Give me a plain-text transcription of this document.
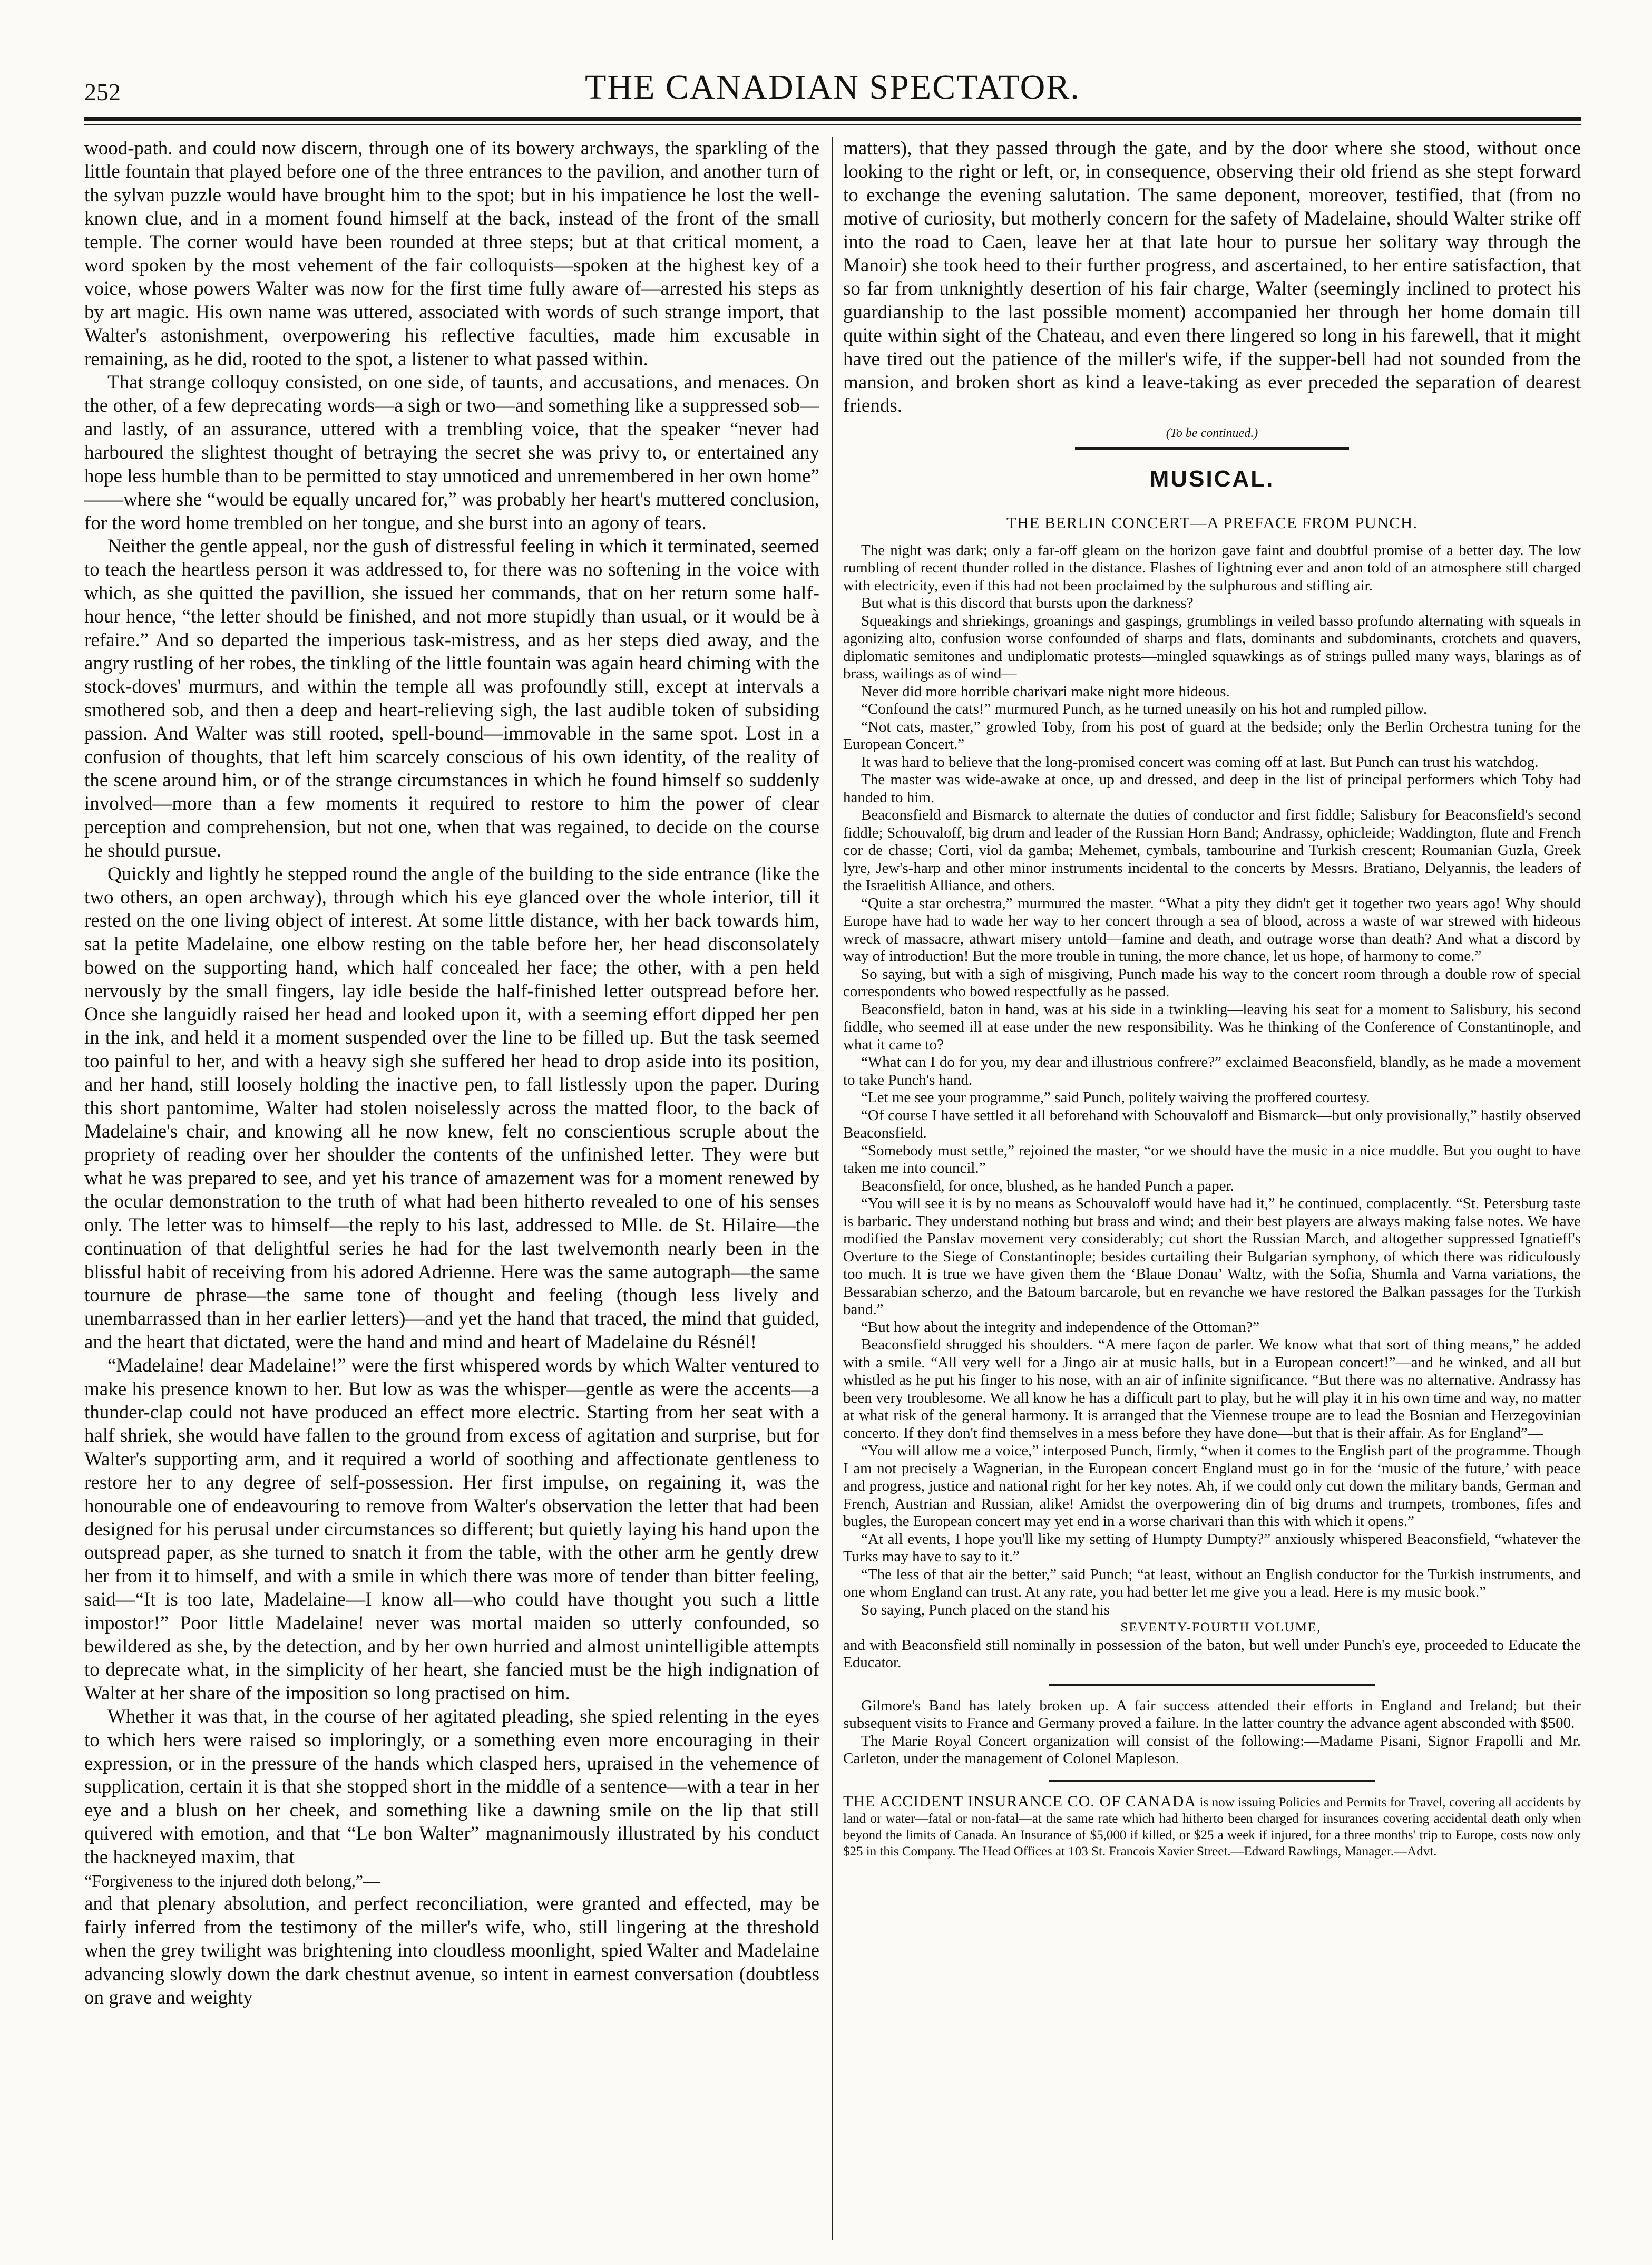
252	THE CANADIAN SPECTATOR.

wood-path. and could now discern, through one of its bowery archways, the sparkling of the little fountain that played before one of the three entrances to the pavilion, and another turn of the sylvan puzzle would have brought him to the spot; but in his impatience he lost the well-known clue, and in a moment found himself at the back, instead of the front of the small temple. The corner would have been rounded at three steps; but at that critical moment, a word spoken by the most vehement of the fair colloquists—spoken at the highest key of a voice, whose powers Walter was now for the first time fully aware of—arrested his steps as by art magic. His own name was uttered, associated with words of such strange import, that Walter's astonishment, overpowering his reflective faculties, made him excusable in remaining, as he did, rooted to the spot, a listener to what passed within.

That strange colloquy consisted, on one side, of taunts, and accusations, and menaces. On the other, of a few deprecating words—a sigh or two—and something like a suppressed sob—and lastly, of an assurance, uttered with a trembling voice, that the speaker “never had harboured the slightest thought of betraying the secret she was privy to, or entertained any hope less humble than to be permitted to stay unnoticed and unremembered in her own home” ——where she “would be equally uncared for,” was probably her heart's muttered conclusion, for the word home trembled on her tongue, and she burst into an agony of tears.

Neither the gentle appeal, nor the gush of distressful feeling in which it terminated, seemed to teach the heartless person it was addressed to, for there was no softening in the voice with which, as she quitted the pavillion, she issued her commands, that on her return some half-hour hence, “the letter should be finished, and not more stupidly than usual, or it would be à refaire.” And so departed the imperious task-mistress, and as her steps died away, and the angry rustling of her robes, the tinkling of the little fountain was again heard chiming with the stock-doves' murmurs, and within the temple all was profoundly still, except at intervals a smothered sob, and then a deep and heart-relieving sigh, the last audible token of subsiding passion. And Walter was still rooted, spell-bound—immovable in the same spot. Lost in a confusion of thoughts, that left him scarcely conscious of his own identity, of the reality of the scene around him, or of the strange circumstances in which he found himself so suddenly involved—more than a few moments it required to restore to him the power of clear perception and comprehension, but not one, when that was regained, to decide on the course he should pursue.

Quickly and lightly he stepped round the angle of the building to the side entrance (like the two others, an open archway), through which his eye glanced over the whole interior, till it rested on the one living object of interest. At some little distance, with her back towards him, sat la petite Madelaine, one elbow resting on the table before her, her head disconsolately bowed on the supporting hand, which half concealed her face; the other, with a pen held nervously by the small fingers, lay idle beside the half-finished letter outspread before her. Once she languidly raised her head and looked upon it, with a seeming effort dipped her pen in the ink, and held it a moment suspended over the line to be filled up. But the task seemed too painful to her, and with a heavy sigh she suffered her head to drop aside into its position, and her hand, still loosely holding the inactive pen, to fall listlessly upon the paper. During this short pantomime, Walter had stolen noiselessly across the matted floor, to the back of Madelaine's chair, and knowing all he now knew, felt no conscientious scruple about the propriety of reading over her shoulder the contents of the unfinished letter. They were but what he was prepared to see, and yet his trance of amazement was for a moment renewed by the ocular demonstration to the truth of what had been hitherto revealed to one of his senses only. The letter was to himself—the reply to his last, addressed to Mlle. de St. Hilaire—the continuation of that delightful series he had for the last twelvemonth nearly been in the blissful habit of receiving from his adored Adrienne. Here was the same autograph—the same tournure de phrase—the same tone of thought and feeling (though less lively and unembarrassed than in her earlier letters)—and yet the hand that traced, the mind that guided, and the heart that dictated, were the hand and mind and heart of Madelaine du Résnél!

“Madelaine! dear Madelaine!” were the first whispered words by which Walter ventured to make his presence known to her. But low as was the whisper—gentle as were the accents—a thunder-clap could not have produced an effect more electric. Starting from her seat with a half shriek, she would have fallen to the ground from excess of agitation and surprise, but for Walter's supporting arm, and it required a world of soothing and affectionate gentleness to restore her to any degree of self-possession. Her first impulse, on regaining it, was the honourable one of endeavouring to remove from Walter's observation the letter that had been designed for his perusal under circumstances so different; but quietly laying his hand upon the outspread paper, as she turned to snatch it from the table, with the other arm he gently drew her from it to himself, and with a smile in which there was more of tender than bitter feeling, said—“It is too late, Madelaine—I know all—who could have thought you such a little impostor!” Poor little Madelaine! never was mortal maiden so utterly confounded, so bewildered as she, by the detection, and by her own hurried and almost unintelligible attempts to deprecate what, in the simplicity of her heart, she fancied must be the high indignation of Walter at her share of the imposition so long practised on him.

Whether it was that, in the course of her agitated pleading, she spied relenting in the eyes to which hers were raised so imploringly, or a something even more encouraging in their expression, or in the pressure of the hands which clasped hers, upraised in the vehemence of supplication, certain it is that she stopped short in the middle of a sentence—with a tear in her eye and a blush on her cheek, and something like a dawning smile on the lip that still quivered with emotion, and that “Le bon Walter” magnanimously illustrated by his conduct the hackneyed maxim, that

“Forgiveness to the injured doth belong,”—

and that plenary absolution, and perfect reconciliation, were granted and effected, may be fairly inferred from the testimony of the miller's wife, who, still lingering at the threshold when the grey twilight was brightening into cloudless moonlight, spied Walter and Madelaine advancing slowly down the dark chestnut avenue, so intent in earnest conversation (doubtless on grave and weighty

matters), that they passed through the gate, and by the door where she stood, without once looking to the right or left, or, in consequence, observing their old friend as she stept forward to exchange the evening salutation. The same deponent, moreover, testified, that (from no motive of curiosity, but motherly concern for the safety of Madelaine, should Walter strike off into the road to Caen, leave her at that late hour to pursue her solitary way through the Manoir) she took heed to their further progress, and ascertained, to her entire satisfaction, that so far from unknightly desertion of his fair charge, Walter (seemingly inclined to protect his guardianship to the last possible moment) accompanied her through her home domain till quite within sight of the Chateau, and even there lingered so long in his farewell, that it might have tired out the patience of the miller's wife, if the supper-bell had not sounded from the mansion, and broken short as kind a leave-taking as ever preceded the separation of dearest friends.

(To be continued.)
MUSICAL.
THE BERLIN CONCERT—A PREFACE FROM PUNCH.

The night was dark; only a far-off gleam on the horizon gave faint and doubtful promise of a better day. The low rumbling of recent thunder rolled in the distance. Flashes of lightning ever and anon told of an atmosphere still charged with electricity, even if this had not been proclaimed by the sulphurous and stifling air.

But what is this discord that bursts upon the darkness?

Squeakings and shriekings, groanings and gaspings, grumblings in veiled basso profundo alternating with squeals in agonizing alto, confusion worse confounded of sharps and flats, dominants and subdominants, crotchets and quavers, diplomatic semitones and undiplomatic protests—mingled squawkings as of strings pulled many ways, blarings as of brass, wailings as of wind—

Never did more horrible charivari make night more hideous.

“Confound the cats!” murmured Punch, as he turned uneasily on his hot and rumpled pillow.

“Not cats, master,” growled Toby, from his post of guard at the bedside; only the Berlin Orchestra tuning for the European Concert.”

It was hard to believe that the long-promised concert was coming off at last. But Punch can trust his watchdog.

The master was wide-awake at once, up and dressed, and deep in the list of principal performers which Toby had handed to him.

Beaconsfield and Bismarck to alternate the duties of conductor and first fiddle; Salisbury for Beaconsfield's second fiddle; Schouvaloff, big drum and leader of the Russian Horn Band; Andrassy, ophicleide; Waddington, flute and French cor de chasse; Corti, viol da gamba; Mehemet, cymbals, tambourine and Turkish crescent; Roumanian Guzla, Greek lyre, Jew's-harp and other minor instruments incidental to the concerts by Messrs. Bratiano, Delyannis, the leaders of the Israelitish Alliance, and others.

“Quite a star orchestra,” murmured the master. “What a pity they didn't get it together two years ago! Why should Europe have had to wade her way to her concert through a sea of blood, across a waste of war strewed with hideous wreck of massacre, athwart misery untold—famine and death, and outrage worse than death? And what a discord by way of introduction! But the more trouble in tuning, the more chance, let us hope, of harmony to come.”

So saying, but with a sigh of misgiving, Punch made his way to the concert room through a double row of special correspondents who bowed respectfully as he passed.

Beaconsfield, baton in hand, was at his side in a twinkling—leaving his seat for a moment to Salisbury, his second fiddle, who seemed ill at ease under the new responsibility. Was he thinking of the Conference of Constantinople, and what it came to?

“What can I do for you, my dear and illustrious confrere?” exclaimed Beaconsfield, blandly, as he made a movement to take Punch's hand.

“Let me see your programme,” said Punch, politely waiving the proffered courtesy.

“Of course I have settled it all beforehand with Schouvaloff and Bismarck—but only provisionally,” hastily observed Beaconsfield.

“Somebody must settle,” rejoined the master, “or we should have the music in a nice muddle. But you ought to have taken me into council.”

Beaconsfield, for once, blushed, as he handed Punch a paper.

“You will see it is by no means as Schouvaloff would have had it,” he continued, complacently. “St. Petersburg taste is barbaric. They understand nothing but brass and wind; and their best players are always making false notes. We have modified the Panslav movement very considerably; cut short the Russian March, and altogether suppressed Ignatieff's Overture to the Siege of Constantinople; besides curtailing their Bulgarian symphony, of which there was ridiculously too much. It is true we have given them the ‘Blaue Donau’ Waltz, with the Sofia, Shumla and Varna variations, the Bessarabian scherzo, and the Batoum barcarole, but en revanche we have restored the Balkan passages for the Turkish band.”

“But how about the integrity and independence of the Ottoman?”

Beaconsfield shrugged his shoulders. “A mere façon de parler. We know what that sort of thing means,” he added with a smile. “All very well for a Jingo air at music halls, but in a European concert!”—and he winked, and all but whistled as he put his finger to his nose, with an air of infinite significance. “But there was no alternative. Andrassy has been very troublesome. We all know he has a difficult part to play, but he will play it in his own time and way, no matter at what risk of the general harmony. It is arranged that the Viennese troupe are to lead the Bosnian and Herzegovinian concerto. If they don't find themselves in a mess before they have done—but that is their affair. As for England”—

“You will allow me a voice,” interposed Punch, firmly, “when it comes to the English part of the programme. Though I am not precisely a Wagnerian, in the European concert England must go in for the ‘music of the future,’ with peace and progress, justice and national right for her key notes. Ah, if we could only cut down the military bands, German and French, Austrian and Russian, alike! Amidst the overpowering din of big drums and trumpets, trombones, fifes and bugles, the European concert may yet end in a worse charivari than this with which it opens.”

“At all events, I hope you'll like my setting of Humpty Dumpty?” anxiously whispered Beaconsfield, “whatever the Turks may have to say to it.”

“The less of that air the better,” said Punch; “at least, without an English conductor for the Turkish instruments, and one whom England can trust. At any rate, you had better let me give you a lead. Here is my music book.”

So saying, Punch placed on the stand his

SEVENTY-FOURTH VOLUME,

and with Beaconsfield still nominally in possession of the baton, but well under Punch's eye, proceeded to Educate the Educator.

Gilmore's Band has lately broken up. A fair success attended their efforts in England and Ireland; but their subsequent visits to France and Germany proved a failure. In the latter country the advance agent absconded with $500.

The Marie Royal Concert organization will consist of the following:—Madame Pisani, Signor Frapolli and Mr. Carleton, under the management of Colonel Mapleson.

THE ACCIDENT INSURANCE CO. OF CANADA is now issuing Policies and Permits for Travel, covering all accidents by land or water—fatal or non-fatal—at the same rate which had hitherto been charged for insurances covering accidental death only when beyond the limits of Canada. An Insurance of $5,000 if killed, or $25 a week if injured, for a three months' trip to Europe, costs now only $25 in this Company. The Head Offices at 103 St. Francois Xavier Street.—Edward Rawlings, Manager.—Advt.
